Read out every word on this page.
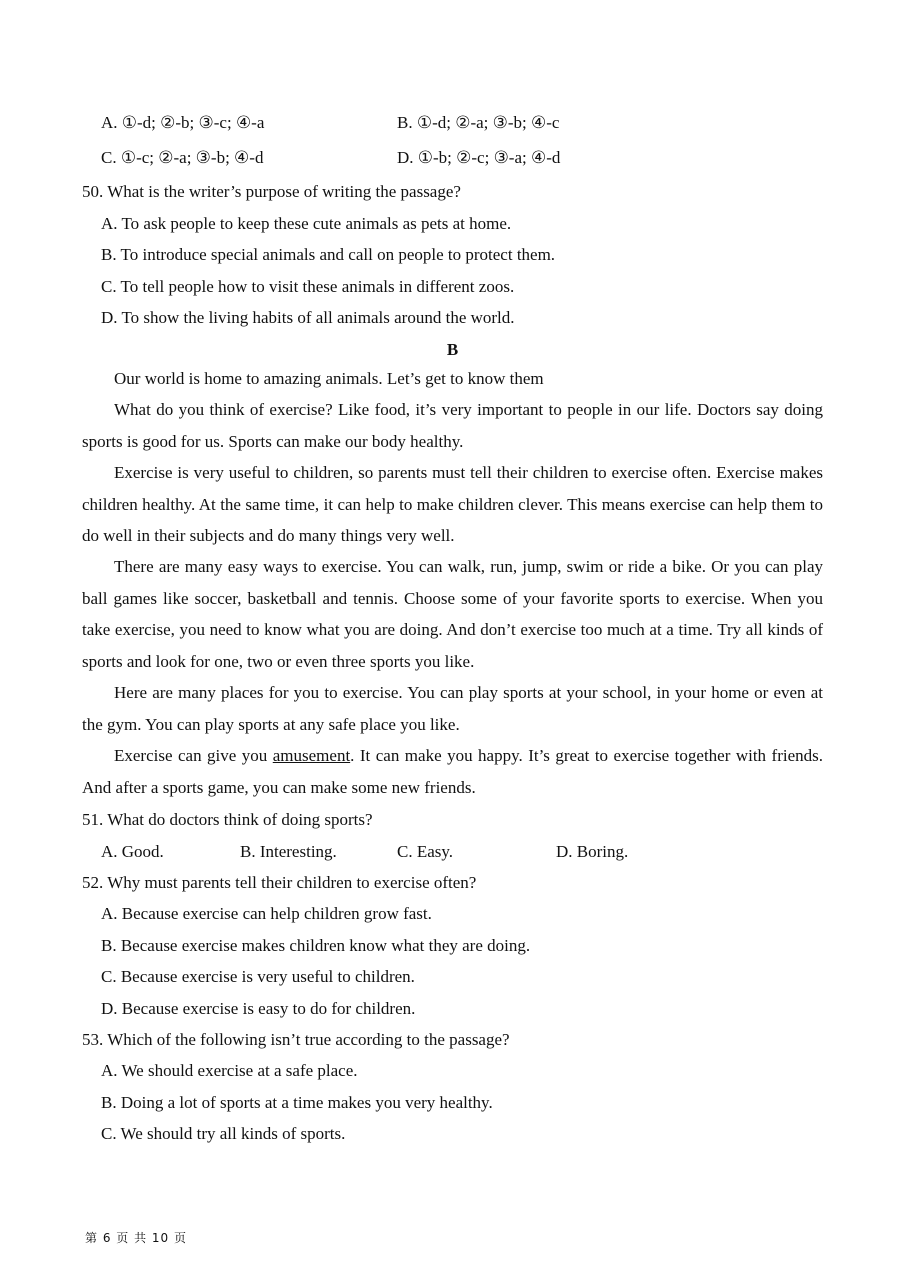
A. ①-d; ②-b; ③-c; ④-a	B. ①-d; ②-a; ③-b; ④-c
C. ①-c; ②-a; ③-b; ④-d	D. ①-b; ②-c; ③-a; ④-d
50. What is the writer’s purpose of writing the passage?
A. To ask people to keep these cute animals as pets at home.
B. To introduce special animals and call on people to protect them.
C. To tell people how to visit these animals in different zoos.
D. To show the living habits of all animals around the world.
B
Our world is home to amazing animals. Let’s get to know them
What do you think of exercise? Like food, it’s very important to people in our life. Doctors say doing sports is good for us. Sports can make our body healthy.
Exercise is very useful to children, so parents must tell their children to exercise often. Exercise makes children healthy. At the same time, it can help to make children clever. This means exercise can help them to do well in their subjects and do many things very well.
There are many easy ways to exercise. You can walk, run, jump, swim or ride a bike. Or you can play ball games like soccer, basketball and tennis. Choose some of your favorite sports to exercise. When you take exercise, you need to know what you are doing. And don’t exercise too much at a time. Try all kinds of sports and look for one, two or even three sports you like.
Here are many places for you to exercise. You can play sports at your school, in your home or even at the gym. You can play sports at any safe place you like.
Exercise can give you amusement. It can make you happy. It’s great to exercise together with friends. And after a sports game, you can make some new friends.
51. What do doctors think of doing sports?
A. Good.	B. Interesting.	C. Easy.	D. Boring.
52. Why must parents tell their children to exercise often?
A. Because exercise can help children grow fast.
B. Because exercise makes children know what they are doing.
C. Because exercise is very useful to children.
D. Because exercise is easy to do for children.
53. Which of the following isn’t true according to the passage?
A. We should exercise at a safe place.
B. Doing a lot of sports at a time makes you very healthy.
C. We should try all kinds of sports.
第 6 页 共 10 页
